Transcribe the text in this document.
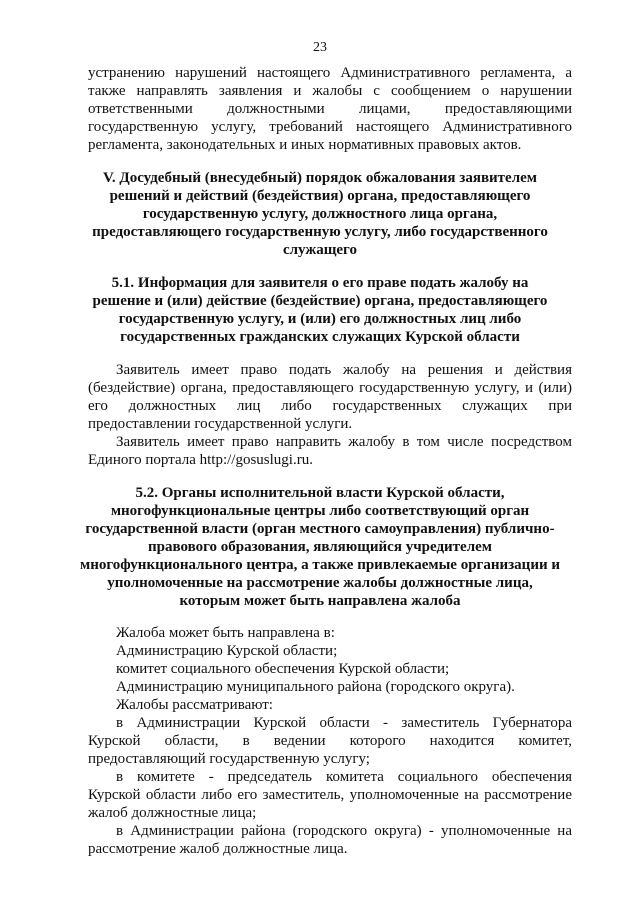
23
устранению нарушений настоящего Административного регламента, а
также направлять заявления и жалобы с сообщением о нарушении
ответственными должностными лицами, предоставляющими
государственную услугу, требований настоящего Административного
регламента, законодательных и иных нормативных правовых актов.
V. Досудебный (внесудебный) порядок обжалования заявителем
решений и действий (бездействия) органа, предоставляющего
государственную услугу, должностного лица органа,
предоставляющего государственную услугу, либо государственного
служащего
5.1. Информация для заявителя о его праве подать жалобу на
решение и (или) действие (бездействие) органа, предоставляющего
государственную услугу, и (или) его должностных лиц либо
государственных гражданских служащих Курской области
Заявитель имеет право подать жалобу на решения и действия
(бездействие) органа, предоставляющего государственную услугу, и (или)
его должностных лиц либо государственных служащих при
предоставлении государственной услуги.
Заявитель имеет право направить жалобу в том числе посредством
Единого портала http://gosuslugi.ru.
5.2. Органы исполнительной власти Курской области,
многофункциональные центры либо соответствующий орган
государственной власти (орган местного самоуправления) публично-
правового образования, являющийся учредителем
многофункционального центра, а также привлекаемые организации и
уполномоченные на рассмотрение жалобы должностные лица,
которым может быть направлена жалоба
Жалоба может быть направлена в:
Администрацию Курской области;
комитет социального обеспечения Курской области;
Администрацию муниципального района (городского округа).
Жалобы рассматривают:
в Администрации Курской области - заместитель Губернатора
Курской области, в ведении которого находится комитет,
предоставляющий государственную услугу;
в комитете - председатель комитета социального обеспечения
Курской области либо его заместитель, уполномоченные на рассмотрение
жалоб должностные лица;
в Администрации района (городского округа) - уполномоченные на
рассмотрение жалоб должностные лица.
